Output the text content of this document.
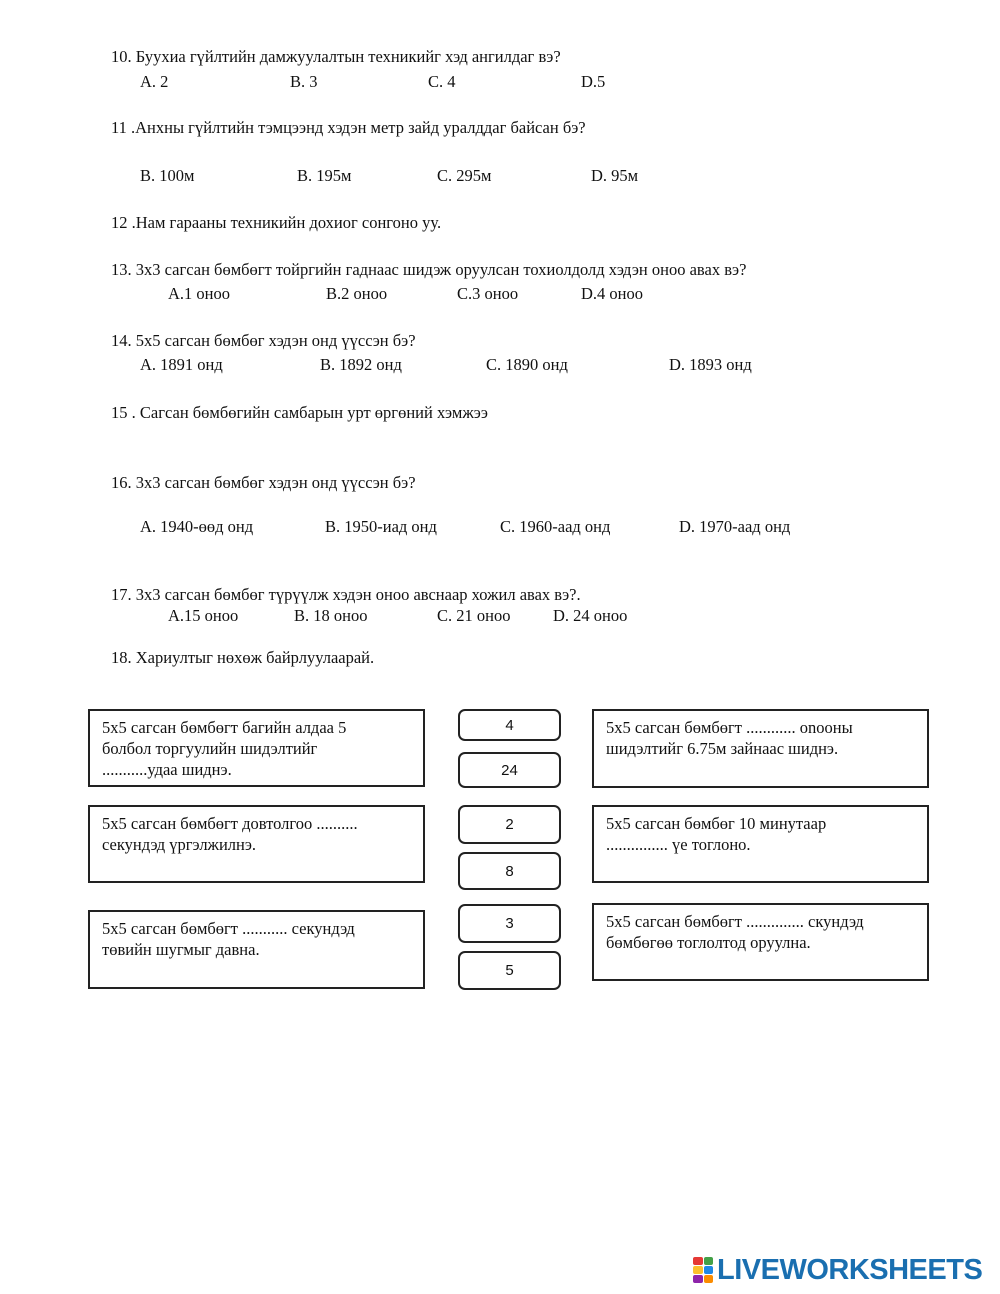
10. Буухиа гүйлтийн дамжуулалтын техникийг хэд ангилдаг вэ?
A. 2	B. 3	C. 4	D.5
11 .Анхны гүйлтийн тэмцээнд хэдэн метр зайд уралддаг байсан бэ?
B. 100м	B. 195м	C. 295м	D. 95м
12 .Нам гарааны техникийн дохиог сонгоно уу.
13. 3х3 сагсан бөмбөгт тойргийн гаднаас шидэж оруулсан тохиолдолд хэдэн оноо авах вэ?
A.1 оноо	B.2 оноо	C.3 оноо	D.4 оноо
14. 5х5 сагсан бөмбөг хэдэн онд үүссэн бэ?
A. 1891 онд	B. 1892 онд	C. 1890 онд	D. 1893 онд
15 . Сагсан бөмбөгийн самбарын урт өргөний хэмжээ
16. 3х3 сагсан бөмбөг хэдэн онд үүссэн бэ?
A. 1940-өөд онд	B. 1950-иад онд	C. 1960-аад онд	D. 1970-аад онд
17. 3х3 сагсан бөмбөг түрүүлж хэдэн оноо авснаар хожил авах вэ?.
A.15 оноо	B. 18 оноо	C. 21 оноо	D. 24 оноо
18. Хариултыг нөхөж байрлуулаарай.
5х5 сагсан бөмбөгт багийн алдаа 5
болбол торгуулийн шидэлтийг
...........удаа шиднэ.
5х5 сагсан бөмбөгт довтолгоо ..........
секундэд үргэлжилнэ.
5х5 сагсан бөмбөгт ........... секундэд
төвийн шугмыг давна.
4
24
2
8
3
5
5х5 сагсан бөмбөгт ............ onооны
шидэлтийг 6.75м зайнаас шиднэ.
5х5 сагсан бөмбөг 10 минутаар
............... үе тоглоно.
5х5 сагсан бөмбөгт .............. скундэд
бөмбөгөө тоглолтод оруулна.
LIVEWORKSHEETS
